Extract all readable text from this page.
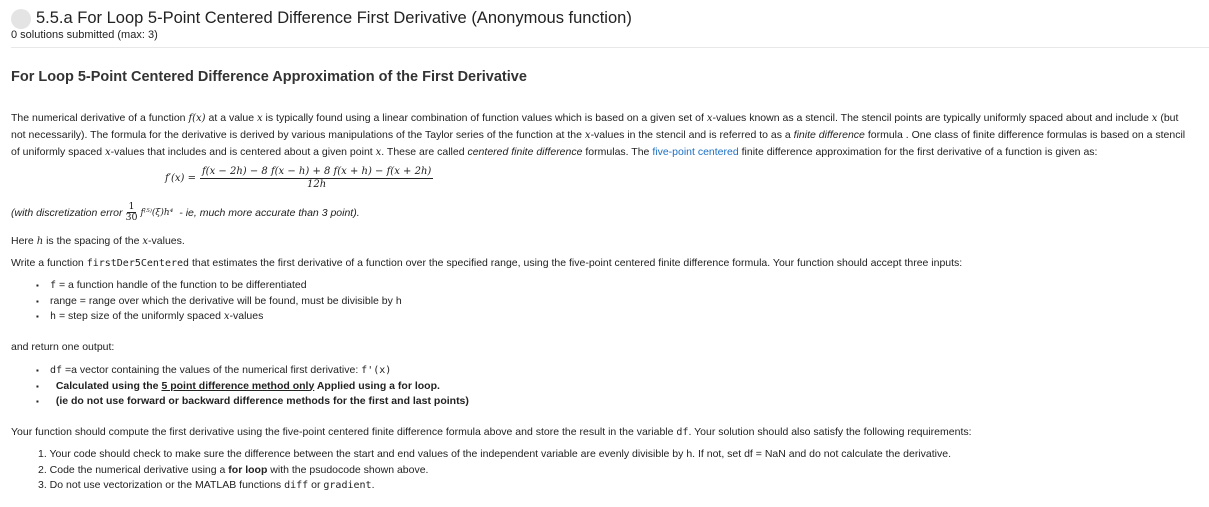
5.5.a For Loop 5-Point Centered Difference First Derivative (Anonymous function)
0 solutions submitted (max: 3)
For Loop 5-Point Centered Difference Approximation of the First Derivative

The numerical derivative of a function f(x) at a value x is typically found using a linear combination of function values which is based on a given set of x-values known as a stencil. The stencil points are typically uniformly spaced about and include x (but not necessarily). The formula for the derivative is derived by various manipulations of the Taylor series of the function at the x-values in the stencil and is referred to as a finite difference formula . One class of finite difference formulas is based on a stencil of uniformly spaced x-values that includes and is centered about a given point x. These are called centered finite difference formulas. The five-point centered finite difference approximation for the first derivative of a function is given as:

$f'(x) = \frac{f(x - 2h) - 8 f(x - h) + 8 f(x + h) - f(x + 2h)}{12h}$
(with discretization error $\frac{1}{30} f^{(5)}(\xi)h^4$ - ie, much more accurate than 3 point).

Here h is the spacing of the x-values.

Write a function firstDer5Centered that estimates the first derivative of a function over the specified range, using the five-point centered finite difference formula. Your function should accept three inputs:

▪ f = a function handle of the function to be differentiated
▪ range = range over which the derivative will be found, must be divisible by h
▪ h = step size of the uniformly spaced x-values

and return one output:

▪ df =a vector containing the values of the numerical first derivative: f'(x)
▪   Calculated using the 5 point difference method only Applied using a for loop.
▪   (ie do not use forward or backward difference methods for the first and last points)

Your function should compute the first derivative using the five-point centered finite difference formula above and store the result in the variable df. Your solution should also satisfy the following requirements:

1. Your code should check to make sure the difference between the start and end values of the independent variable are evenly divisible by h. If not, set df = NaN and do not calculate the derivative.
2. Code the numerical derivative using a for loop with the psudocode shown above.
3. Do not use vectorization or the MATLAB functions diff or gradient.
